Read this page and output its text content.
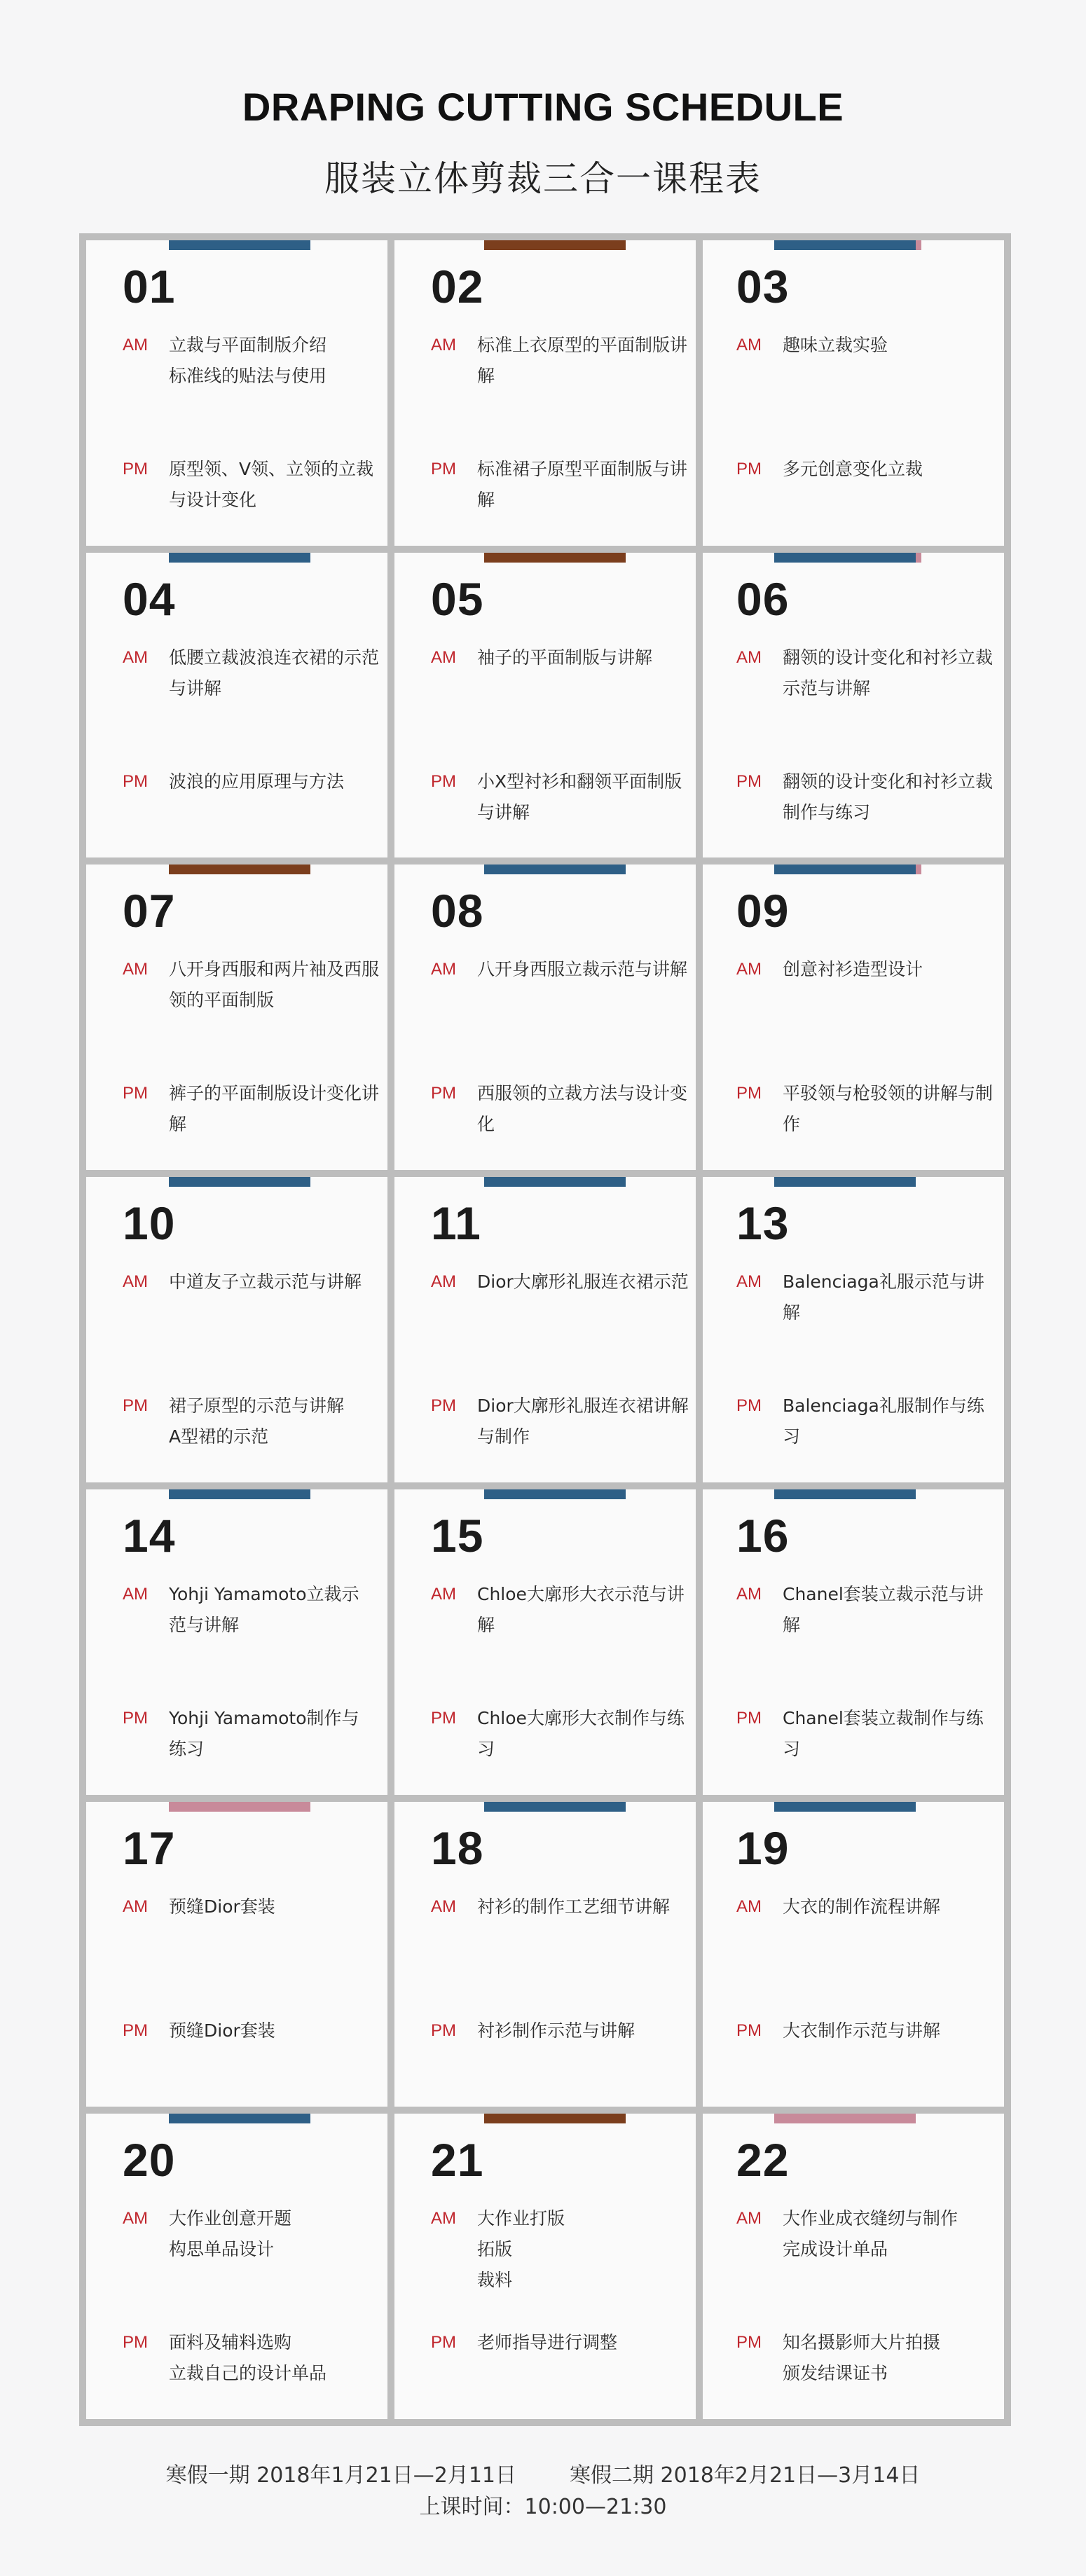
DRAPING CUTTING SCHEDULE
服装立体剪裁三合一课程表
01
AM	立裁与平面制版介绍
标准线的贴法与使用
PM	原型领、V领、立领的立裁
与设计变化
02
AM	标准上衣原型的平面制版讲
解
PM	标准裙子原型平面制版与讲
解
03
AM	趣味立裁实验
PM	多元创意变化立裁
04
AM	低腰立裁波浪连衣裙的示范
与讲解
PM	波浪的应用原理与方法
05
AM	袖子的平面制版与讲解
PM	小X型衬衫和翻领平面制版
与讲解
06
AM	翻领的设计变化和衬衫立裁
示范与讲解
PM	翻领的设计变化和衬衫立裁
制作与练习
07
AM	八开身西服和两片袖及西服
领的平面制版
PM	裤子的平面制版设计变化讲
解
08
AM	八开身西服立裁示范与讲解
PM	西服领的立裁方法与设计变
化
09
AM	创意衬衫造型设计
PM	平驳领与枪驳领的讲解与制
作
10
AM	中道友子立裁示范与讲解
PM	裙子原型的示范与讲解
A型裙的示范
11
AM	Dior大廓形礼服连衣裙示范
PM	Dior大廓形礼服连衣裙讲解
与制作
13
AM	Balenciaga礼服示范与讲
解
PM	Balenciaga礼服制作与练
习
14
AM	Yohji Yamamoto立裁示
范与讲解
PM	Yohji Yamamoto制作与
练习
15
AM	Chloe大廓形大衣示范与讲
解
PM	Chloe大廓形大衣制作与练
习
16
AM	Chanel套装立裁示范与讲
解
PM	Chanel套装立裁制作与练
习
17
AM	预缝Dior套装
PM	预缝Dior套装
18
AM	衬衫的制作工艺细节讲解
PM	衬衫制作示范与讲解
19
AM	大衣的制作流程讲解
PM	大衣制作示范与讲解
20
AM	大作业创意开题
构思单品设计
PM	面料及辅料选购
立裁自己的设计单品
21
AM	大作业打版
拓版
裁料
PM	老师指导进行调整
22
AM	大作业成衣缝纫与制作
完成设计单品
PM	知名摄影师大片拍摄
颁发结课证书
寒假一期 2018年1月21日—2月11日	寒假二期 2018年2月21日—3月14日
上课时间：10:00—21:30
